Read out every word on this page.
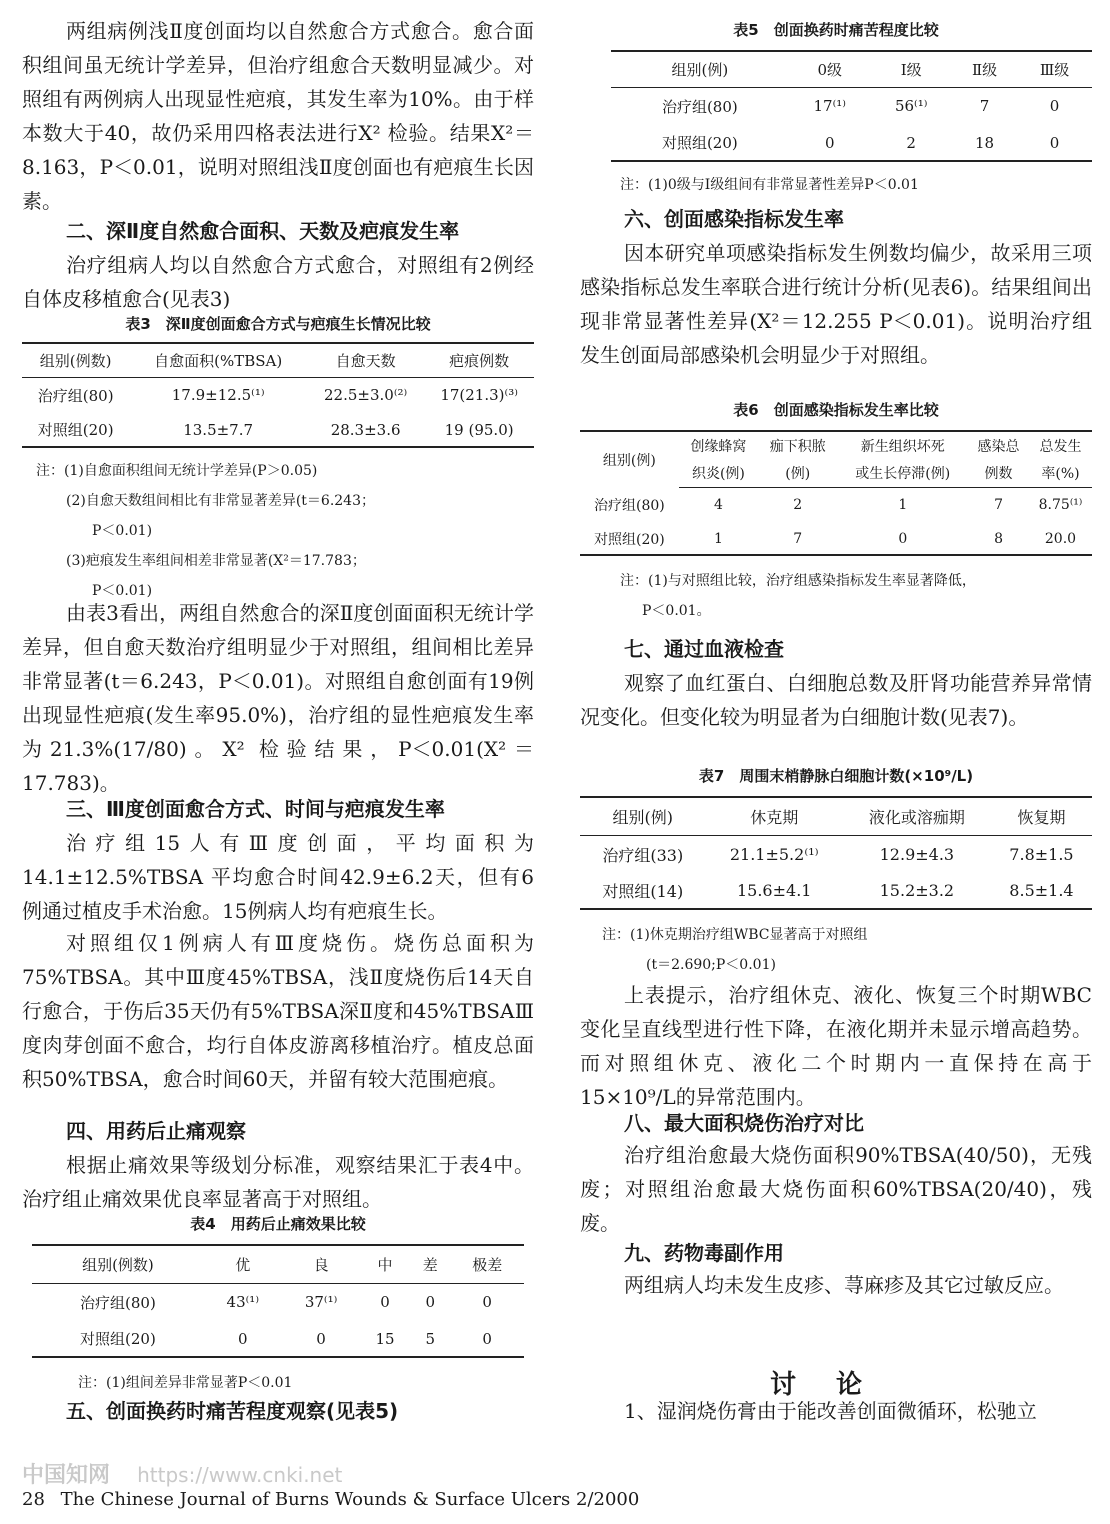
两组病例浅Ⅱ度创面均以自然愈合方式愈合。愈合面积组间虽无统计学差异，但治疗组愈合天数明显减少。对照组有两例病人出现显性疤痕，其发生率为10%。由于样本数大于40，故仍采用四格表法进行X² 检验。结果X²＝8.163，P＜0.01，说明对照组浅Ⅱ度创面也有疤痕生长因素。

二、深Ⅱ度自然愈合面积、天数及疤痕发生率

治疗组病人均以自然愈合方式愈合，对照组有2例经自体皮移植愈合(见表3)

表3　深Ⅱ度创面愈合方式与疤痕生长情况比较
组别(例数)	自愈面积(%TBSA)	自愈天数	疤痕例数
治疗组(80)	17.9±12.5⁽¹⁾	22.5±3.0⁽²⁾	17(21.3)⁽³⁾
对照组(20)	13.5±7.7	28.3±3.6	19 (95.0)
注：(1)自愈面积组间无统计学差异(P＞0.05)
(2)自愈天数组间相比有非常显著差异(t＝6.243；
P＜0.01)
(3)疤痕发生率组间相差非常显著(X²＝17.783；
P＜0.01)

由表3看出，两组自然愈合的深Ⅱ度创面面积无统计学差异，但自愈天数治疗组明显少于对照组，组间相比差异非常显著(t＝6.243，P＜0.01)。对照组自愈创面有19例出现显性疤痕(发生率95.0%)，治疗组的显性疤痕发生率为21.3%(17/80)。X² 检验结果，P＜0.01(X²＝17.783)。

三、Ⅲ度创面愈合方式、时间与疤痕发生率

治疗组15人有Ⅲ度创面，平均面积为14.1±12.5%TBSA 平均愈合时间42.9±6.2天，但有6例通过植皮手术治愈。15例病人均有疤痕生长。

对照组仅1例病人有Ⅲ度烧伤。烧伤总面积为75%TBSA。其中Ⅲ度45%TBSA，浅Ⅱ度烧伤后14天自行愈合，于伤后35天仍有5%TBSA深Ⅱ度和45%TBSAⅢ度肉芽创面不愈合，均行自体皮游离移植治疗。植皮总面积50%TBSA，愈合时间60天，并留有较大范围疤痕。

四、用药后止痛观察

根据止痛效果等级划分标准，观察结果汇于表4中。治疗组止痛效果优良率显著高于对照组。

表4　用药后止痛效果比较
组别(例数)	优	良	中	差	极差
治疗组(80)	43⁽¹⁾	37⁽¹⁾	0	0	0
对照组(20)	0	0	15	5	0
注：(1)组间差异非常显著P＜0.01

五、创面换药时痛苦程度观察(见表5)

表5　创面换药时痛苦程度比较
组别(例)	0级	Ⅰ级	Ⅱ级	Ⅲ级
治疗组(80)	17⁽¹⁾	56⁽¹⁾	7	0
对照组(20)	0	2	18	0
注：(1)0级与Ⅰ级组间有非常显著性差异P＜0.01

六、创面感染指标发生率

因本研究单项感染指标发生例数均偏少，故采用三项感染指标总发生率联合进行统计分析(见表6)。结果组间出现非常显著性差异(X²＝12.255 P＜0.01)。说明治疗组发生创面局部感染机会明显少于对照组。

表6　创面感染指标发生率比较
组别(例)	创缘蜂窝	痂下积脓	新生组织坏死	感染总	总发生
	织炎(例)	(例)	或生长停滞(例)	例数	率(%)
治疗组(80)	4	2	1	7	8.75⁽¹⁾
对照组(20)	1	7	0	8	20.0
注：(1)与对照组比较，治疗组感染指标发生率显著降低，
P＜0.01。

七、通过血液检查

观察了血红蛋白、白细胞总数及肝肾功能营养异常情况变化。但变化较为明显者为白细胞计数(见表7)。

表7　周围末梢静脉白细胞计数(×10⁹/L)
组别(例)	休克期	液化或溶痂期	恢复期
治疗组(33)	21.1±5.2⁽¹⁾	12.9±4.3	7.8±1.5
对照组(14)	15.6±4.1	15.2±3.2	8.5±1.4
注：(1)休克期治疗组WBC显著高于对照组
(t＝2.690;P＜0.01)

上表提示，治疗组休克、液化、恢复三个时期WBC变化呈直线型进行性下降，在液化期并未显示增高趋势。而对照组休克、液化二个时期内一直保持在高于15×10⁹/L的异常范围内。

八、最大面积烧伤治疗对比

治疗组治愈最大烧伤面积90%TBSA(40/50)，无残废；对照组治愈最大烧伤面积60%TBSA(20/40)，残废。

九、药物毒副作用

两组病人均未发生皮疹、荨麻疹及其它过敏反应。

讨论

1、湿润烧伤膏由于能改善创面微循环，松驰立

中国知网 https://www.cnki.net
28 The Chinese Journal of Burns Wounds & Surface Ulcers 2/2000
